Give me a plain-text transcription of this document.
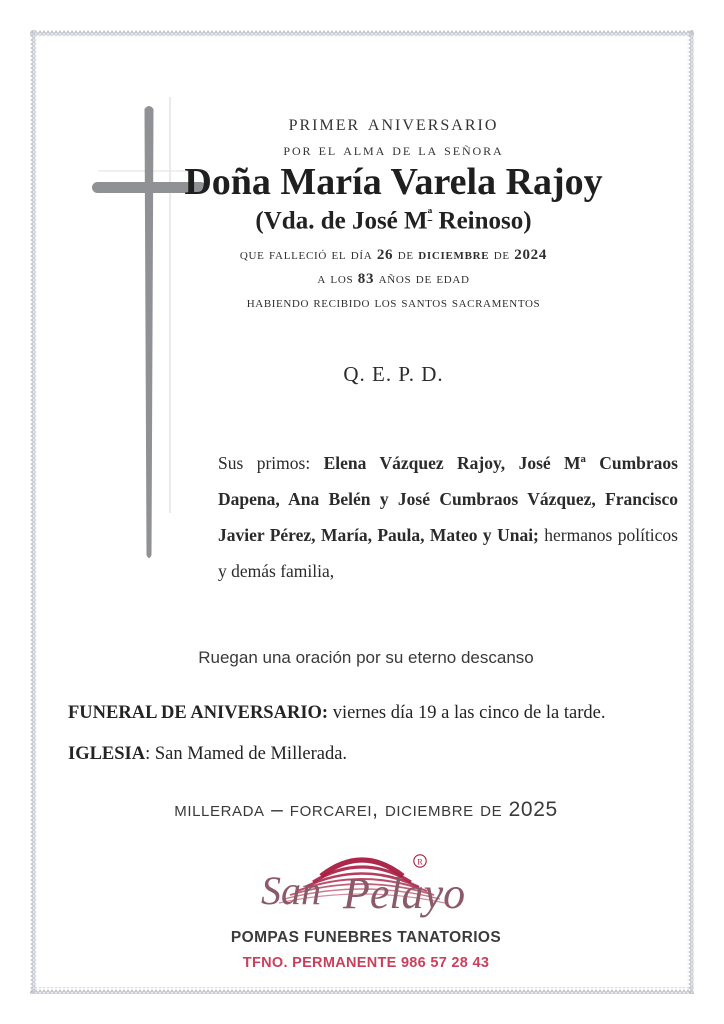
primer aniversario
por el alma de la señora
Doña María Varela Rajoy
(Vda. de José $M^ª$ Reinoso)
que falleció el día 26 de diciembre de 2024
a los 83 años de edad
habiendo recibido los santos sacramentos
Q. E. P. D.
Sus primos: Elena Vázquez Rajoy, José Mª Cumbraos Dapena, Ana Belén y José Cumbraos Vázquez, Francisco Javier Pérez, María, Paula, Mateo y Unai; hermanos políticos y demás familia,
Ruegan una oración por su eterno descanso
FUNERAL DE ANIVERSARIO: viernes día 19 a las cinco de la tarde.
IGLESIA: San Mamed de Millerada.
millerada – forcarei, diciembre de 2025
R
San Pelayo
POMPAS FUNEBRES TANATORIOS
TFNO. PERMANENTE 986 57 28 43
